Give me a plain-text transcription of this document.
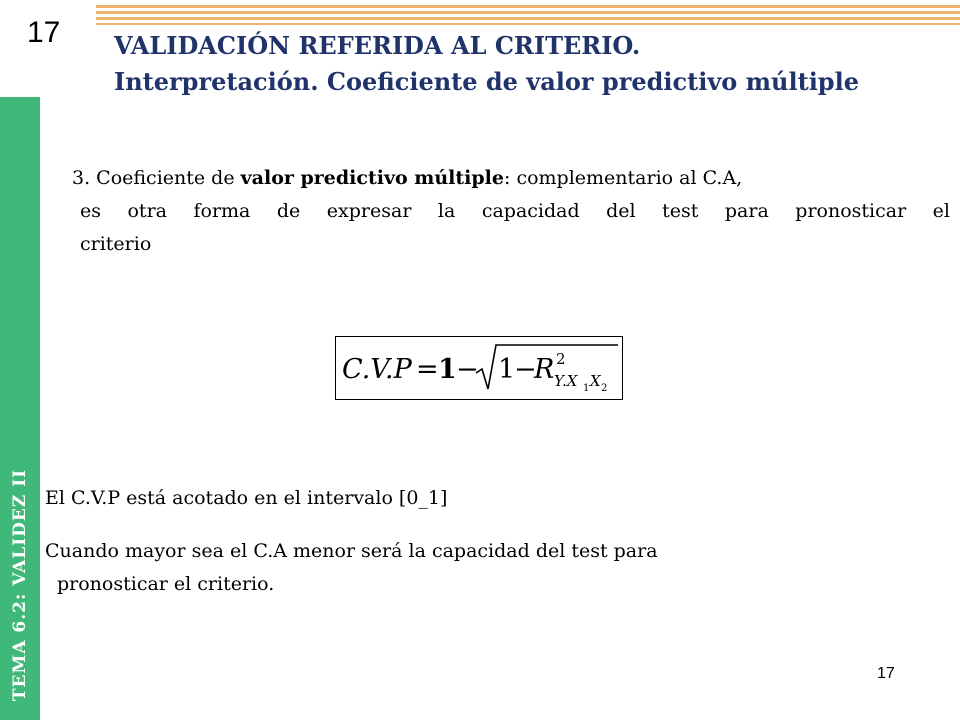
TEMA 6.2: VALIDEZ II
17 VALIDACIÓN REFERIDA AL CRITERIO.
Interpretación. Coeficiente de valor predictivo múltiple
3. Coeficiente de valor predictivo múltiple: complementario al C.A,
es otra forma de expresar la capacidad del test para pronosticar el
criterio
C.V.P = 1 − 1
−
R 2
Y.X 1 X 2
El C.V.P está acotado en el intervalo [0_1]
Cuando mayor sea el C.A menor será la capacidad del test para
pronosticar el criterio.
17
